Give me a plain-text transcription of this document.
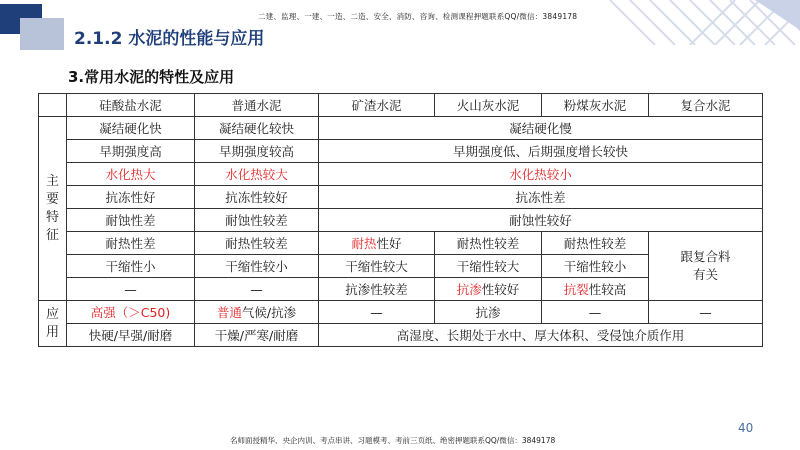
二建、监理、一建、一造、二造、安全、消防、咨询、检测课程押题联系QQ/微信：3849178
2.1.2 水泥的性能与应用
3.常用水泥的特性及应用
	硅酸盐水泥	普通水泥	矿渣水泥	火山灰水泥	粉煤灰水泥	复合水泥
主要特征	凝结硬化快	凝结硬化较快	凝结硬化慢			
	早期强度高	早期强度较高	早期强度低、后期强度增长较快			
	水化热大	水化热较大	水化热较小			
	抗冻性好	抗冻性较好	抗冻性差			
	耐蚀性差	耐蚀性较差	耐蚀性较好			
	耐热性差	耐热性较差	耐热性好	耐热性较差	耐热性较差	跟复合料有关
	干缩性小	干缩性较小	干缩性较大	干缩性较大	干缩性较小	
	—	—	抗渗性较差	抗渗性较好	抗裂性较高	
应用	高强（＞C50)	普通气候/抗渗	—	抗渗	—	—
	快硬/早强/耐磨	干燥/严寒/耐磨	高湿度、长期处于水中、厚大体积、受侵蚀介质作用			
40
名师面授精华、央企内训、考点串讲、习题模考、考前三页纸、绝密押题联系QQ/微信：3849178
